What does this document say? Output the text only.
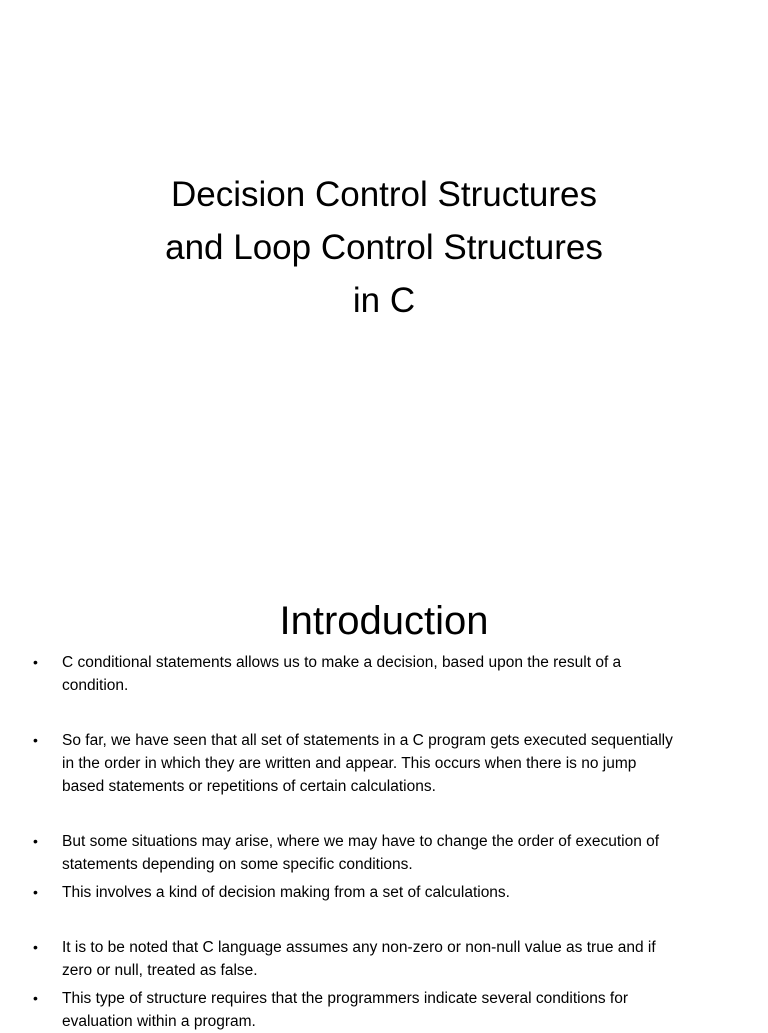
Decision Control Structures
and Loop Control Structures
in C
Introduction
• C conditional statements allows us to make a decision, based upon the result of a
condition.
• So far, we have seen that all set of statements in a C program gets executed sequentially
in the order in which they are written and appear. This occurs when there is no jump
based statements or repetitions of certain calculations.
• But some situations may arise, where we may have to change the order of execution of
statements depending on some specific conditions.
• This involves a kind of decision making from a set of calculations.
• It is to be noted that C language assumes any non-zero or non-null value as true and if
zero or null, treated as false.
• This type of structure requires that the programmers indicate several conditions for
evaluation within a program.
